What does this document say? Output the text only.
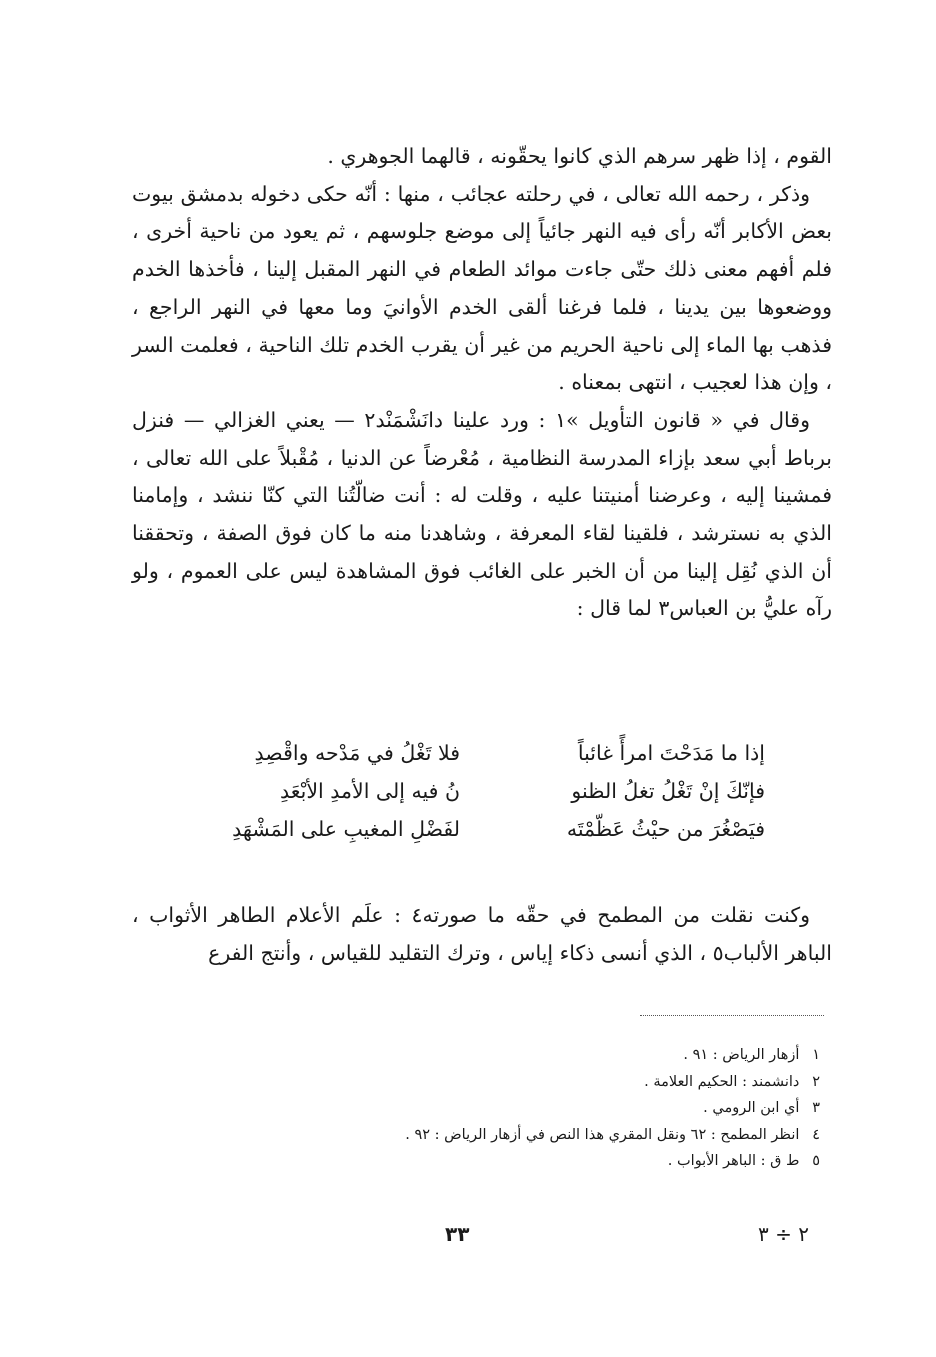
القوم ، إذا ظهر سرهم الذي كانوا يحقّونه ، قالهما الجوهري .

وذكر ، رحمه الله تعالى ، في رحلته عجائب ، منها : أنّه حكى دخوله بدمشق بيوت بعض الأكابر أنّه رأى فيه النهر جائياً إلى موضع جلوسهم ، ثم يعود من ناحية أخرى ، فلم أفهم معنى ذلك حتّى جاءت موائد الطعام في النهر المقبل إلينا ، فأخذها الخدم ووضعوها بين يدينا ، فلما فرغنا ألقى الخدم الأوانيَ وما معها في النهر الراجع ، فذهب بها الماء إلى ناحية الحريم من غير أن يقرب الخدم تلك الناحية ، فعلمت السر ، وإن هذا لعجيب ، انتهى بمعناه .

وقال في « قانون التأويل »١ : ورد علينا دانَشْمَنْد٢ — يعني الغزالي — فنزل برباط أبي سعد بإزاء المدرسة النظامية ، مُعْرضاً عن الدنيا ، مُقْبلاً على الله تعالى ، فمشينا إليه ، وعرضنا أمنيتنا عليه ، وقلت له : أنت ضالّتُنا التي كنّا ننشد ، وإمامنا الذي به نسترشد ، فلقينا لقاء المعرفة ، وشاهدنا منه ما كان فوق الصفة ، وتحققنا أن الذي نُقِل إلينا من أن الخبر على الغائب فوق المشاهدة ليس على العموم ، ولو رآه عليُّ بن العباس٣ لما قال :

إذا ما مَدَحْتَ امرأً غائباً
فلا تَغْلُ في مَدْحه واقْصِدِ
فإنّكَ إنْ تَغْلُ تغلُ الظنو
نُ فيه إلى الأمدِ الأبْعَدِ
فيَصْغُرَ من حيْثُ عَظّمْتَه
لفَضْلِ المغيبِ على المَشْهَدِ

وكنت نقلت من المطمح في حقّه ما صورته٤ : علَم الأعلام الطاهر الأثواب ، الباهر الألباب٥ ، الذي أنسى ذكاء إياس ، وترك التقليد للقياس ، وأنتج الفرع

١ أزهار الرياض : ٩١ .

٢ دانشمند : الحكيم العلامة .

٣ أي ابن الرومي .

٤ انظر المطمح : ٦٢ ونقل المقري هذا النص في أزهار الرياض : ٩٢ .

٥ ط ق : الباهر الأبواب .

٣٣	٢ ÷ ٣
